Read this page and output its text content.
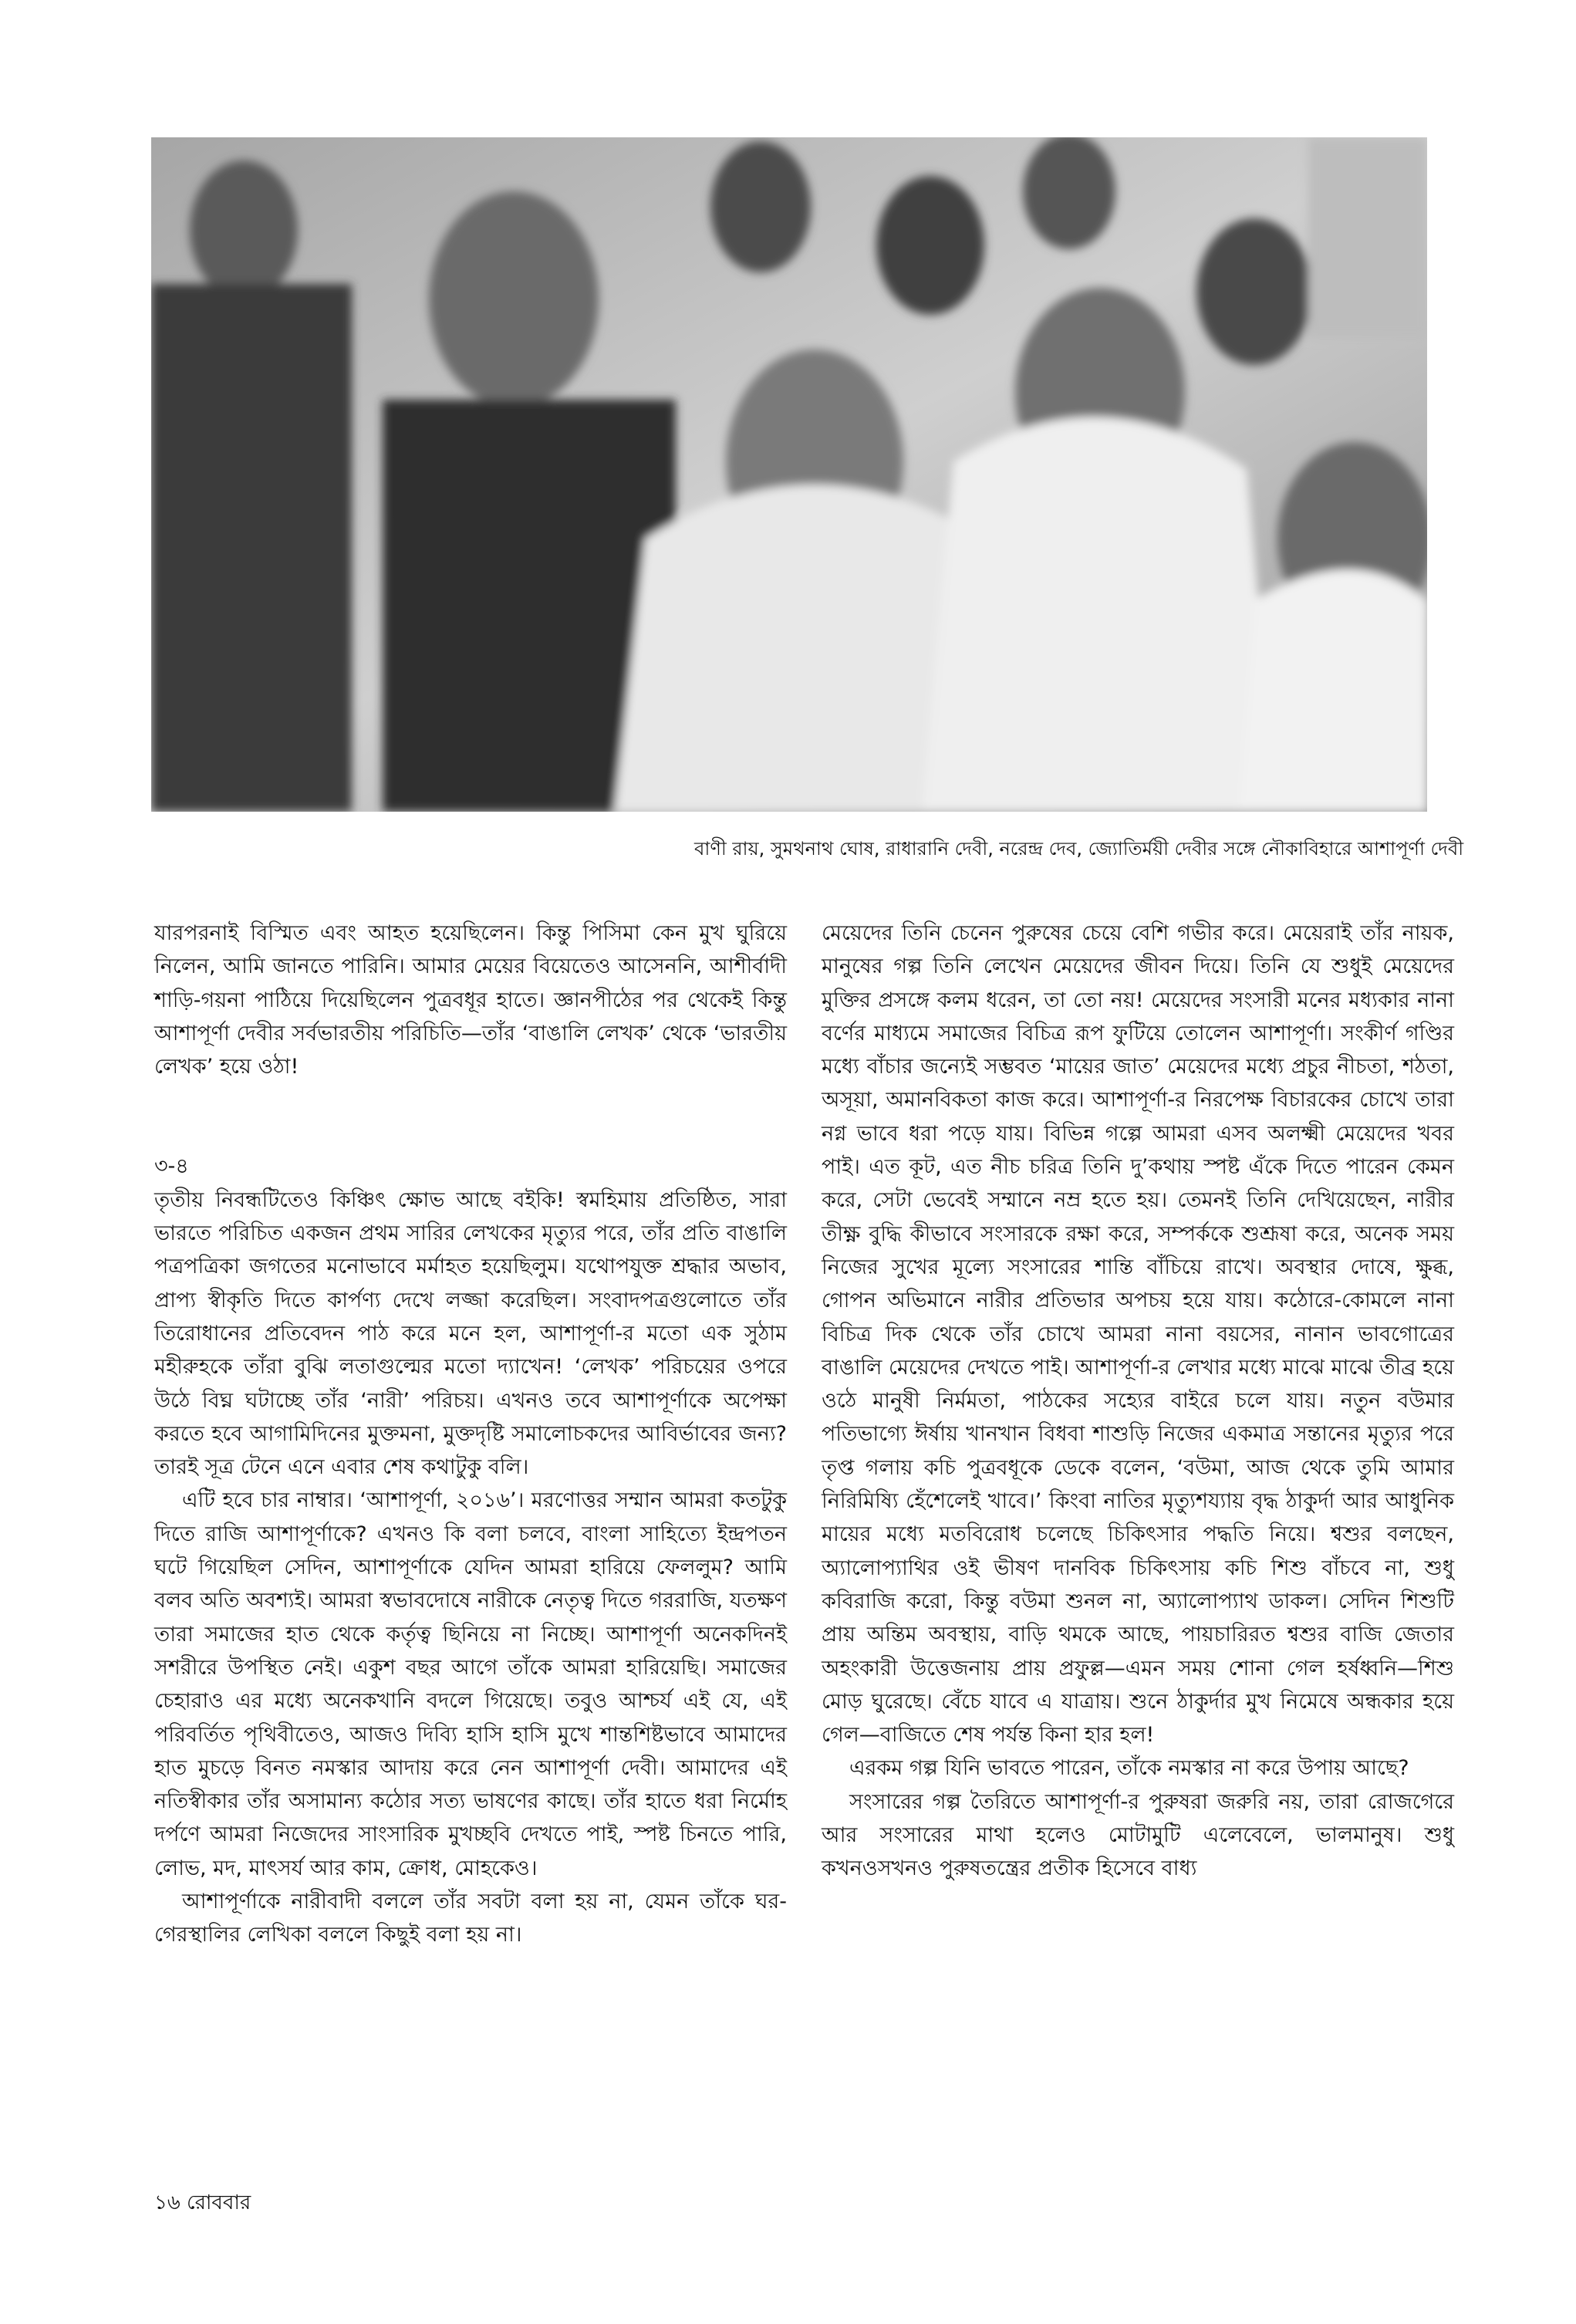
বাণী রায়, সুমথনাথ ঘোষ, রাধারানি দেবী, নরেন্দ্র দেব, জ্যোতির্ময়ী দেবীর সঙ্গে নৌকাবিহারে আশাপূর্ণা দেবী

যারপরনাই বিস্মিত এবং আহত হয়েছিলেন। কিন্তু পিসিমা কেন মুখ ঘুরিয়ে নিলেন, আমি জানতে পারিনি। আমার মেয়ের বিয়েতেও আসেননি, আশীর্বাদী শাড়ি-গয়না পাঠিয়ে দিয়েছিলেন পুত্রবধূর হাতে। জ্ঞানপীঠের পর থেকেই কিন্তু আশাপূর্ণা দেবীর সর্বভারতীয় পরিচিতি—তাঁর ‘বাঙালি লেখক’ থেকে ‘ভারতীয় লেখক’ হয়ে ওঠা!

৩-৪

তৃতীয় নিবন্ধটিতেও কিঞ্চিৎ ক্ষোভ আছে বইকি! স্বমহিমায় প্রতিষ্ঠিত, সারা ভারতে পরিচিত একজন প্রথম সারির লেখকের মৃত্যুর পরে, তাঁর প্রতি বাঙালি পত্রপত্রিকা জগতের মনোভাবে মর্মাহত হয়েছিলুম। যথোপযুক্ত শ্রদ্ধার অভাব, প্রাপ্য স্বীকৃতি দিতে কার্পণ্য দেখে লজ্জা করেছিল। সংবাদপত্রগুলোতে তাঁর তিরোধানের প্রতিবেদন পাঠ করে মনে হল, আশাপূর্ণা-র মতো এক সুঠাম মহীরুহকে তাঁরা বুঝি লতাগুল্মের মতো দ্যাখেন! ‘লেখক’ পরিচয়ের ওপরে উঠে বিঘ্ন ঘটাচ্ছে তাঁর ‘নারী’ পরিচয়। এখনও তবে আশাপূর্ণাকে অপেক্ষা করতে হবে আগামিদিনের মুক্তমনা, মুক্তদৃষ্টি সমালোচকদের আবির্ভাবের জন্য? তারই সূত্র টেনে এনে এবার শেষ কথাটুকু বলি।

এটি হবে চার নাম্বার। ‘আশাপূর্ণা, ২০১৬’। মরণোত্তর সম্মান আমরা কতটুকু দিতে রাজি আশাপূর্ণাকে? এখনও কি বলা চলবে, বাংলা সাহিত্যে ইন্দ্রপতন ঘটে গিয়েছিল সেদিন, আশাপূর্ণাকে যেদিন আমরা হারিয়ে ফেললুম? আমি বলব অতি অবশ্যই। আমরা স্বভাবদোষে নারীকে নেতৃত্ব দিতে গররাজি, যতক্ষণ তারা সমাজের হাত থেকে কর্তৃত্ব ছিনিয়ে না নিচ্ছে। আশাপূর্ণা অনেকদিনই সশরীরে উপস্থিত নেই। একুশ বছর আগে তাঁকে আমরা হারিয়েছি। সমাজের চেহারাও এর মধ্যে অনেকখানি বদলে গিয়েছে। তবুও আশ্চর্য এই যে, এই পরিবর্তিত পৃথিবীতেও, আজও দিব্যি হাসি হাসি মুখে শান্তশিষ্টভাবে আমাদের হাত মুচড়ে বিনত নমস্কার আদায় করে নেন আশাপূর্ণা দেবী। আমাদের এই নতিস্বীকার তাঁর অসামান্য কঠোর সত্য ভাষণের কাছে। তাঁর হাতে ধরা নির্মোহ দর্পণে আমরা নিজেদের সাংসারিক মুখচ্ছবি দেখতে পাই, স্পষ্ট চিনতে পারি, লোভ, মদ, মাৎসর্য আর কাম, ক্রোধ, মোহকেও।

আশাপূর্ণাকে নারীবাদী বললে তাঁর সবটা বলা হয় না, যেমন তাঁকে ঘর-গেরস্থালির লেখিকা বললে কিছুই বলা হয় না।

মেয়েদের তিনি চেনেন পুরুষের চেয়ে বেশি গভীর করে। মেয়েরাই তাঁর নায়ক, মানুষের গল্প তিনি লেখেন মেয়েদের জীবন দিয়ে। তিনি যে শুধুই মেয়েদের মুক্তির প্রসঙ্গে কলম ধরেন, তা তো নয়! মেয়েদের সংসারী মনের মধ্যকার নানা বর্ণের মাধ্যমে সমাজের বিচিত্র রূপ ফুটিয়ে তোলেন আশাপূর্ণা। সংকীর্ণ গণ্ডির মধ্যে বাঁচার জন্যেই সম্ভবত ‘মায়ের জাত’ মেয়েদের মধ্যে প্রচুর নীচতা, শঠতা, অসূয়া, অমানবিকতা কাজ করে। আশাপূর্ণা-র নিরপেক্ষ বিচারকের চোখে তারা নগ্ন ভাবে ধরা পড়ে যায়। বিভিন্ন গল্পে আমরা এসব অলক্ষ্মী মেয়েদের খবর পাই। এত কূট, এত নীচ চরিত্র তিনি দু’কথায় স্পষ্ট এঁকে দিতে পারেন কেমন করে, সেটা ভেবেই সম্মানে নম্র হতে হয়। তেমনই তিনি দেখিয়েছেন, নারীর তীক্ষ্ণ বুদ্ধি কীভাবে সংসারকে রক্ষা করে, সম্পর্ককে শুশ্রূষা করে, অনেক সময় নিজের সুখের মূল্যে সংসারের শান্তি বাঁচিয়ে রাখে। অবস্থার দোষে, ক্ষুব্ধ, গোপন অভিমানে নারীর প্রতিভার অপচয় হয়ে যায়। কঠোরে-কোমলে নানা বিচিত্র দিক থেকে তাঁর চোখে আমরা নানা বয়সের, নানান ভাবগোত্রের বাঙালি মেয়েদের দেখতে পাই। আশাপূর্ণা-র লেখার মধ্যে মাঝে মাঝে তীব্র হয়ে ওঠে মানুষী নির্মমতা, পাঠকের সহ্যের বাইরে চলে যায়। নতুন বউমার পতিভাগ্যে ঈর্ষায় খানখান বিধবা শাশুড়ি নিজের একমাত্র সন্তানের মৃত্যুর পরে তৃপ্ত গলায় কচি পুত্রবধূকে ডেকে বলেন, ‘বউমা, আজ থেকে তুমি আমার নিরিমিষ্যি হেঁশেলেই খাবে।’ কিংবা নাতির মৃত্যুশয্যায় বৃদ্ধ ঠাকুর্দা আর আধুনিক মায়ের মধ্যে মতবিরোধ চলেছে চিকিৎসার পদ্ধতি নিয়ে। শ্বশুর বলছেন, অ্যালোপ্যাথির ওই ভীষণ দানবিক চিকিৎসায় কচি শিশু বাঁচবে না, শুধু কবিরাজি করো, কিন্তু বউমা শুনল না, অ্যালোপ্যাথ ডাকল। সেদিন শিশুটি প্রায় অন্তিম অবস্থায়, বাড়ি থমকে আছে, পায়চারিরত শ্বশুর বাজি জেতার অহংকারী উত্তেজনায় প্রায় প্রফুল্ল—এমন সময় শোনা গেল হর্ষধ্বনি—শিশু মোড় ঘুরেছে। বেঁচে যাবে এ যাত্রায়। শুনে ঠাকুর্দার মুখ নিমেষে অন্ধকার হয়ে গেল—বাজিতে শেষ পর্যন্ত কিনা হার হল!

এরকম গল্প যিনি ভাবতে পারেন, তাঁকে নমস্কার না করে উপায় আছে?

সংসারের গল্প তৈরিতে আশাপূর্ণা-র পুরুষরা জরুরি নয়, তারা রোজগেরে আর সংসারের মাথা হলেও মোটামুটি এলেবেলে, ভালমানুষ। শুধু কখনওসখনও পুরুষতন্ত্রের প্রতীক হিসেবে বাধ্য

১৬ রোববার
